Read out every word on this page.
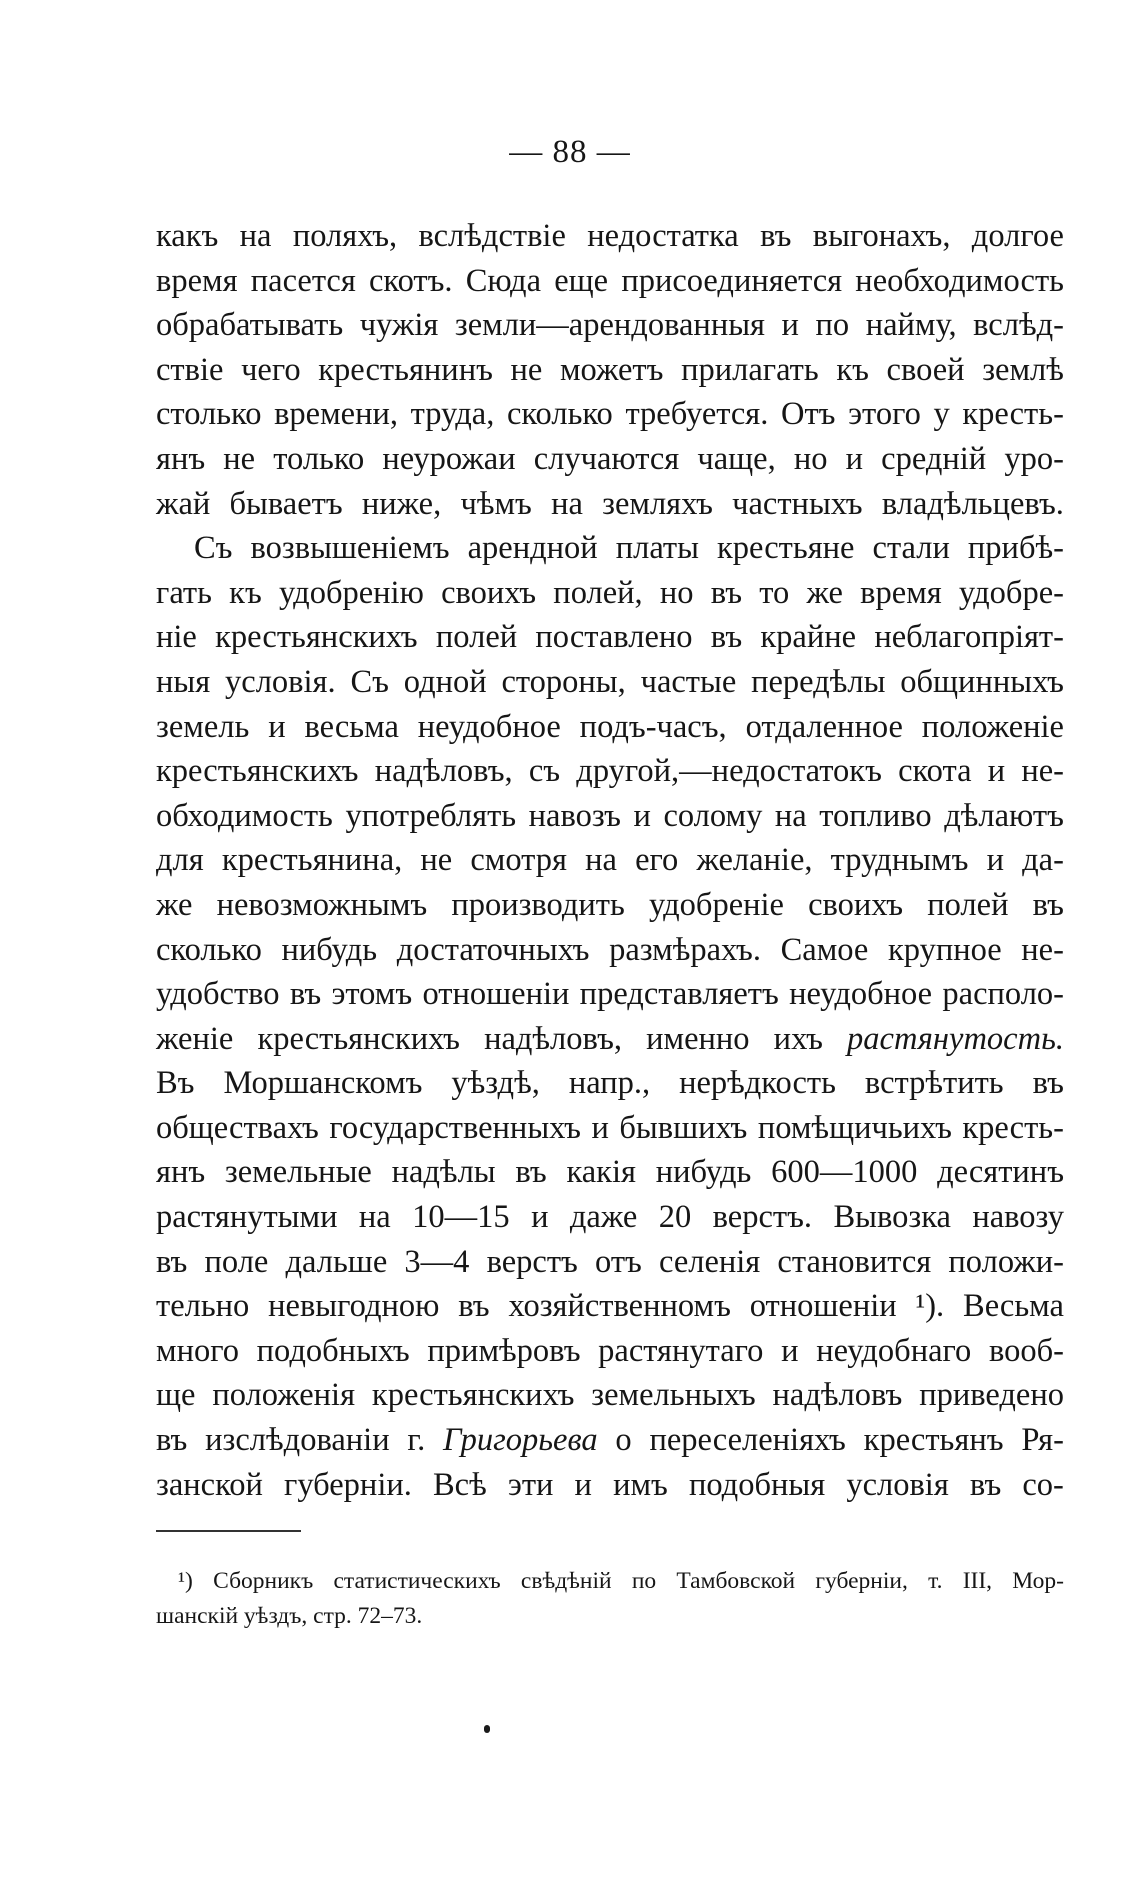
— 88 —
какъ на поляхъ, вслѣдствіе недостатка въ выгонахъ, долгое
время пасется скотъ. Сюда еще присоединяется необходимость
обрабатывать чужія земли—арендованныя и по найму, вслѣд-
ствіе чего крестьянинъ не можетъ прилагать къ своей землѣ
столько времени, труда, сколько требуется. Отъ этого у кресть-
янъ не только неурожаи случаются чаще, но и средній уро-
жай бываетъ ниже, чѣмъ на земляхъ частныхъ владѣльцевъ.
Съ возвышеніемъ арендной платы крестьяне стали прибѣ-
гать къ удобренію своихъ полей, но въ то же время удобре-
ніе крестьянскихъ полей поставлено въ крайне неблагопріят-
ныя условія. Съ одной стороны, частые передѣлы общинныхъ
земель и весьма неудобное подъ-часъ, отдаленное положеніе
крестьянскихъ надѣловъ, съ другой,—недостатокъ скота и не-
обходимость употреблять навозъ и солому на топливо дѣлаютъ
для крестьянина, не смотря на его желаніе, труднымъ и да-
же невозможнымъ производить удобреніе своихъ полей въ
сколько нибудь достаточныхъ размѣрахъ. Самое крупное не-
удобство въ этомъ отношеніи представляетъ неудобное располо-
женіе крестьянскихъ надѣловъ, именно ихъ растянутость.
Въ Моршанскомъ уѣздѣ, напр., нерѣдкость встрѣтить въ
обществахъ государственныхъ и бывшихъ помѣщичьихъ кресть-
янъ земельные надѣлы въ какія нибудь 600—1000 десятинъ
растянутыми на 10—15 и даже 20 верстъ. Вывозка навозу
въ поле дальше 3—4 верстъ отъ селенія становится положи-
тельно невыгодною въ хозяйственномъ отношеніи ¹). Весьма
много подобныхъ примѣровъ растянутаго и неудобнаго вооб-
ще положенія крестьянскихъ земельныхъ надѣловъ приведено
въ изслѣдованіи г. Григорьева о переселеніяхъ крестьянъ Ря-
занской губерніи. Всѣ эти и имъ подобныя условія въ со-
¹) Сборникъ статистическихъ свѣдѣній по Тамбовской губерніи, т. III, Мор-
шанскій уѣздъ, стр. 72–73.
